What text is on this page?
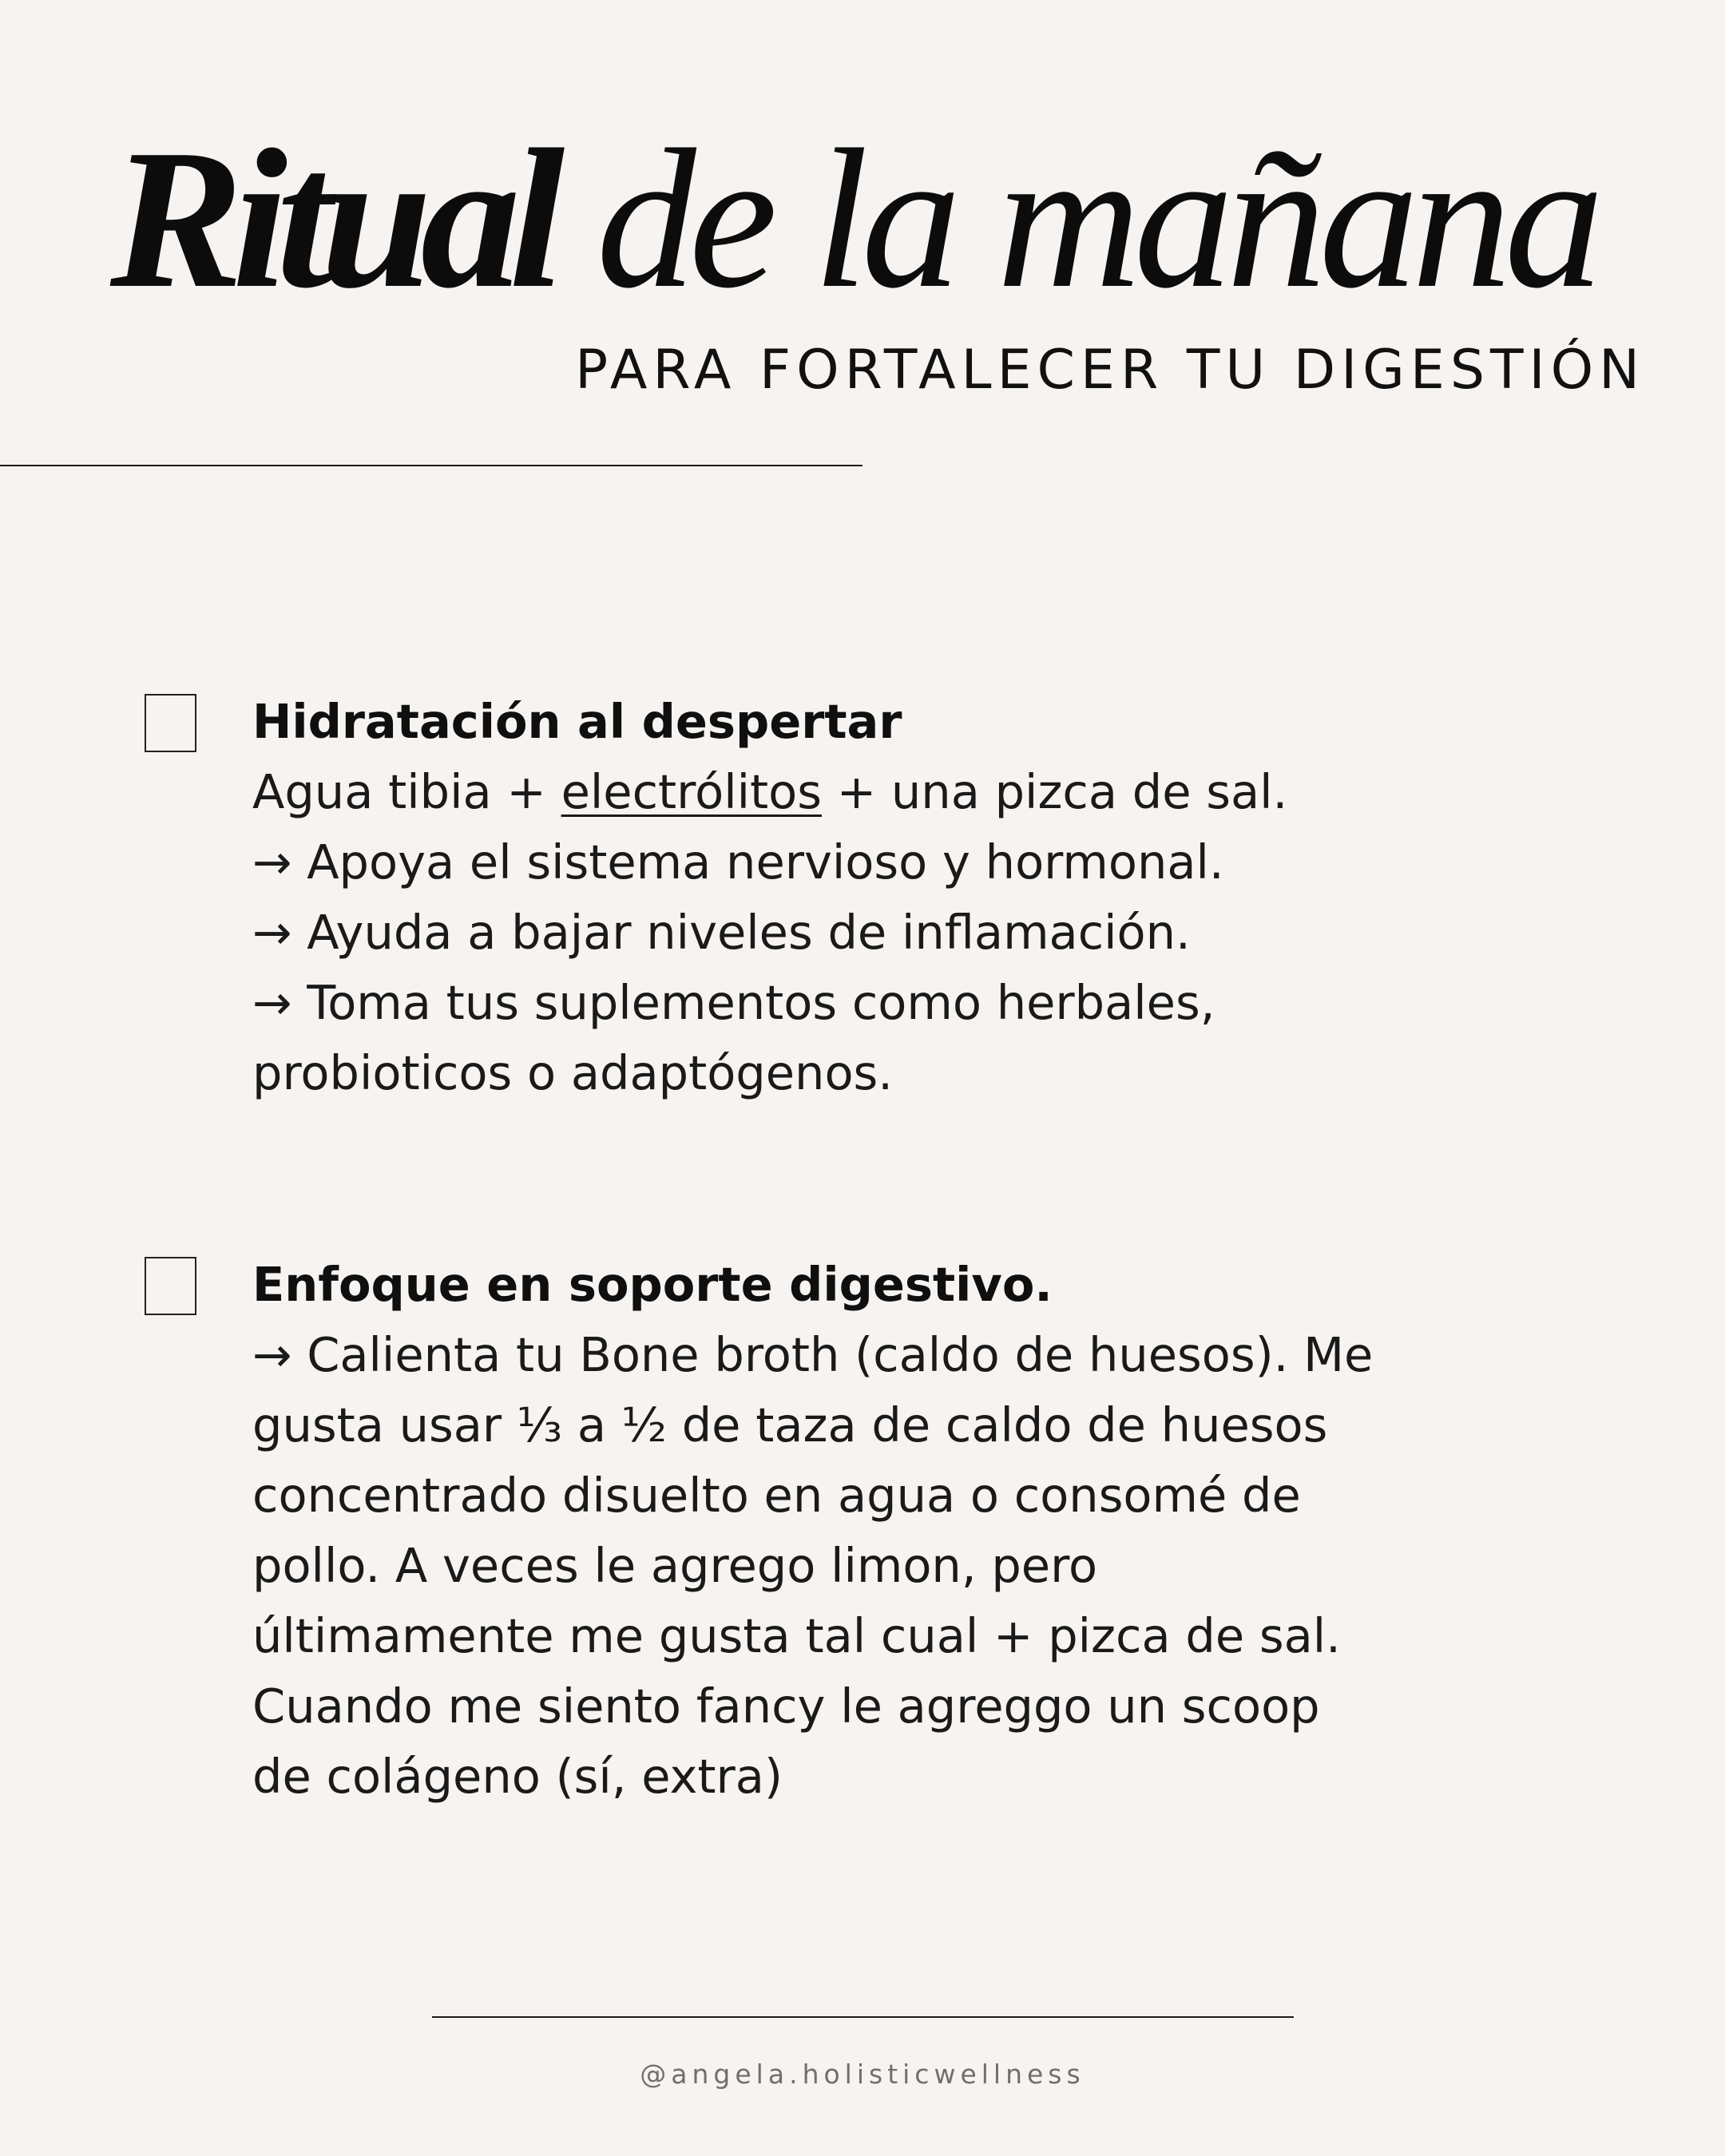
Ritual de la mañana
PARA FORTALECER TU DIGESTIÓN

Hidratación al despertar

Agua tibia + electrólitos + una pizca de sal.

→ Apoya el sistema nervioso y hormonal.

→ Ayuda a bajar niveles de inflamación.

→ Toma tus suplementos como herbales,

probioticos o adaptógenos.

Enfoque en soporte digestivo.

→ Calienta tu Bone broth (caldo de huesos). Me

gusta usar ⅓ a ½ de taza de caldo de huesos

concentrado disuelto en agua o consomé de

pollo. A veces le agrego limon, pero

últimamente me gusta tal cual + pizca de sal.

Cuando me siento fancy le agreggo un scoop

de colágeno (sí, extra)

@angela.holisticwellness
